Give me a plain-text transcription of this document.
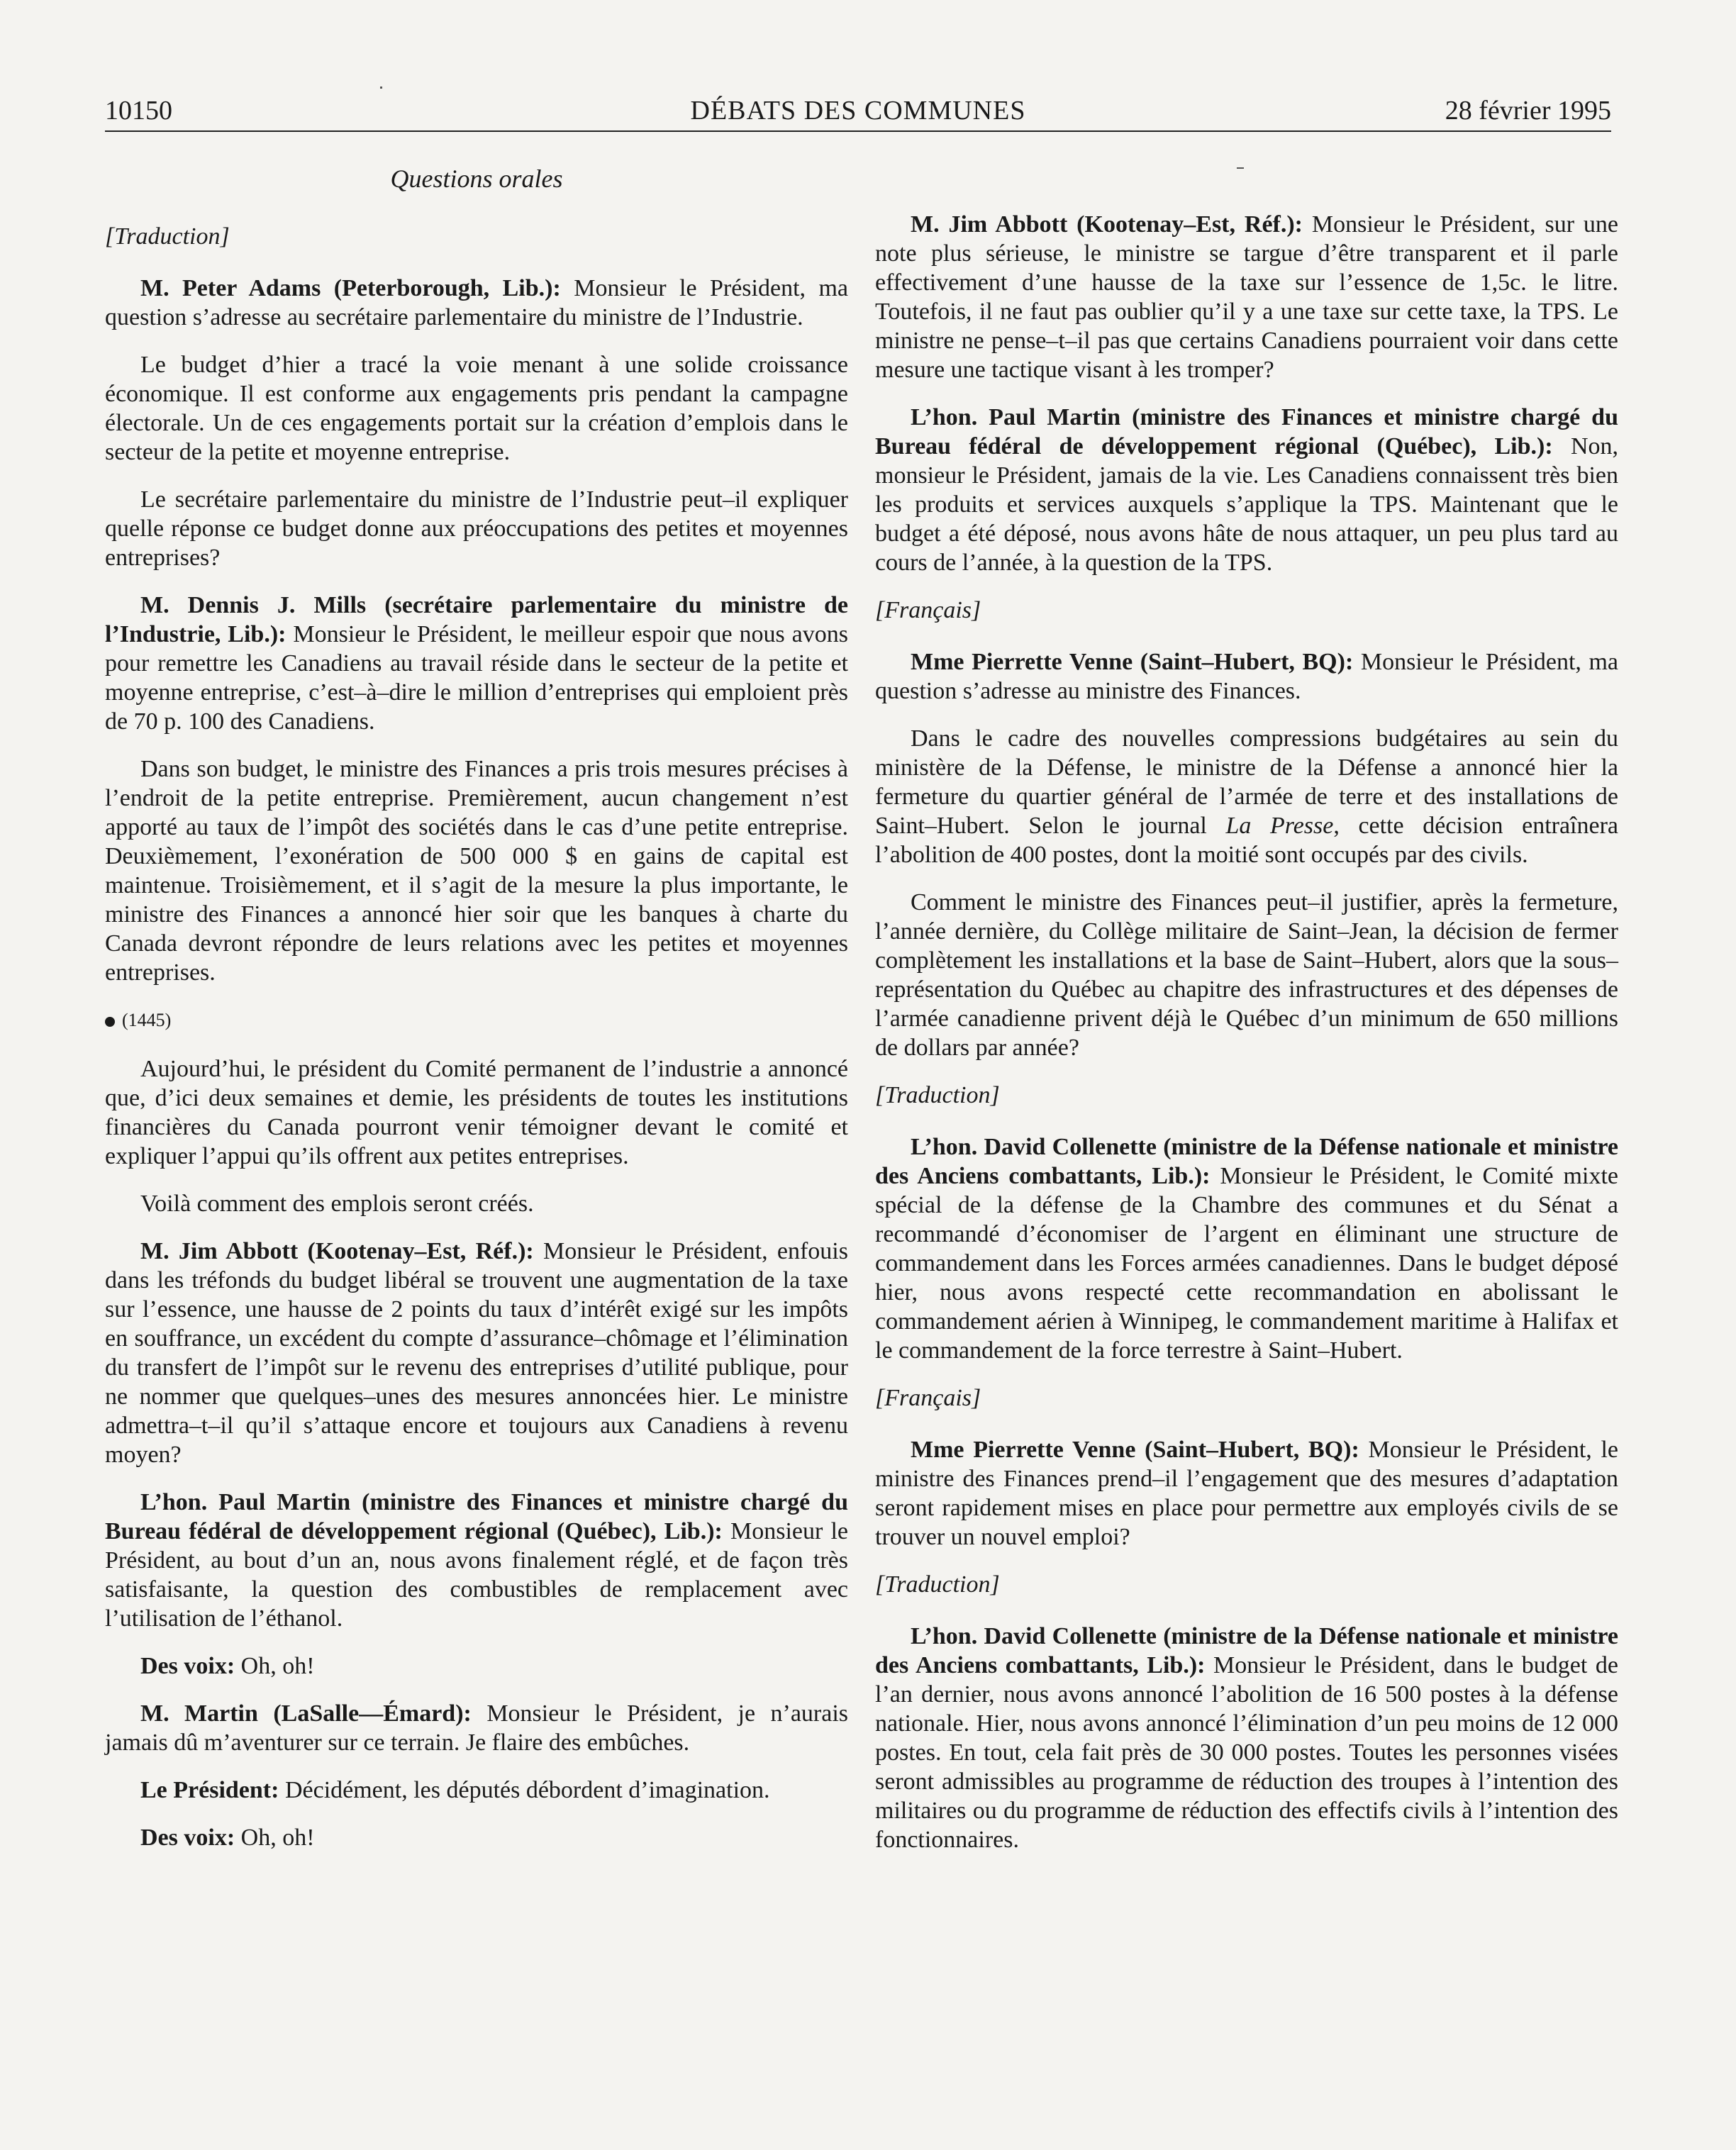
10150	DÉBATS DES COMMUNES	28 février 1995

Questions orales

[Traduction]

M. Peter Adams (Peterborough, Lib.): Monsieur le Président, ma question s’adresse au secrétaire parlementaire du ministre de l’Industrie.

Le budget d’hier a tracé la voie menant à une solide croissance économique. Il est conforme aux engagements pris pendant la campagne électorale. Un de ces engagements portait sur la création d’emplois dans le secteur de la petite et moyenne entreprise.

Le secrétaire parlementaire du ministre de l’Industrie peut–il expliquer quelle réponse ce budget donne aux préoccupations des petites et moyennes entreprises?

M. Dennis J. Mills (secrétaire parlementaire du ministre de l’Industrie, Lib.): Monsieur le Président, le meilleur espoir que nous avons pour remettre les Canadiens au travail réside dans le secteur de la petite et moyenne entreprise, c’est–à–dire le million d’entreprises qui emploient près de 70 p. 100 des Canadiens.

Dans son budget, le ministre des Finances a pris trois mesures précises à l’endroit de la petite entreprise. Premièrement, aucun changement n’est apporté au taux de l’impôt des sociétés dans le cas d’une petite entreprise. Deuxièmement, l’exonération de 500 000 $ en gains de capital est maintenue. Troisièmement, et il s’agit de la mesure la plus importante, le ministre des Finances a annoncé hier soir que les banques à charte du Canada devront répondre de leurs relations avec les petites et moyennes entreprises.

(1445)

Aujourd’hui, le président du Comité permanent de l’industrie a annoncé que, d’ici deux semaines et demie, les présidents de toutes les institutions financières du Canada pourront venir témoigner devant le comité et expliquer l’appui qu’ils offrent aux petites entreprises.

Voilà comment des emplois seront créés.

M. Jim Abbott (Kootenay–Est, Réf.): Monsieur le Président, enfouis dans les tréfonds du budget libéral se trouvent une augmentation de la taxe sur l’essence, une hausse de 2 points du taux d’intérêt exigé sur les impôts en souffrance, un excédent du compte d’assurance–chômage et l’élimination du transfert de l’impôt sur le revenu des entreprises d’utilité publique, pour ne nommer que quelques–unes des mesures annoncées hier. Le ministre admettra–t–il qu’il s’attaque encore et toujours aux Canadiens à revenu moyen?

L’hon. Paul Martin (ministre des Finances et ministre chargé du Bureau fédéral de développement régional (Québec), Lib.): Monsieur le Président, au bout d’un an, nous avons finalement réglé, et de façon très satisfaisante, la question des combustibles de remplacement avec l’utilisation de l’éthanol.

Des voix: Oh, oh!

M. Martin (LaSalle—Émard): Monsieur le Président, je n’aurais jamais dû m’aventurer sur ce terrain. Je flaire des embûches.

Le Président: Décidément, les députés débordent d’imagination.

Des voix: Oh, oh!

M. Jim Abbott (Kootenay–Est, Réf.): Monsieur le Président, sur une note plus sérieuse, le ministre se targue d’être transparent et il parle effectivement d’une hausse de la taxe sur l’essence de 1,5c. le litre. Toutefois, il ne faut pas oublier qu’il y a une taxe sur cette taxe, la TPS. Le ministre ne pense–t–il pas que certains Canadiens pourraient voir dans cette mesure une tactique visant à les tromper?

L’hon. Paul Martin (ministre des Finances et ministre chargé du Bureau fédéral de développement régional (Québec), Lib.): Non, monsieur le Président, jamais de la vie. Les Canadiens connaissent très bien les produits et services auxquels s’applique la TPS. Maintenant que le budget a été déposé, nous avons hâte de nous attaquer, un peu plus tard au cours de l’année, à la question de la TPS.

[Français]

Mme Pierrette Venne (Saint–Hubert, BQ): Monsieur le Président, ma question s’adresse au ministre des Finances.

Dans le cadre des nouvelles compressions budgétaires au sein du ministère de la Défense, le ministre de la Défense a annoncé hier la fermeture du quartier général de l’armée de terre et des installations de Saint–Hubert. Selon le journal La Presse, cette décision entraînera l’abolition de 400 postes, dont la moitié sont occupés par des civils.

Comment le ministre des Finances peut–il justifier, après la fermeture, l’année dernière, du Collège militaire de Saint–Jean, la décision de fermer complètement les installations et la base de Saint–Hubert, alors que la sous–représentation du Québec au chapitre des infrastructures et des dépenses de l’armée canadienne privent déjà le Québec d’un minimum de 650 millions de dollars par année?

[Traduction]

L’hon. David Collenette (ministre de la Défense nationale et ministre des Anciens combattants, Lib.): Monsieur le Président, le Comité mixte spécial de la défense de la Chambre des communes et du Sénat a recommandé d’économiser de l’argent en éliminant une structure de commandement dans les Forces armées canadiennes. Dans le budget déposé hier, nous avons respecté cette recommandation en abolissant le commandement aérien à Winnipeg, le commandement maritime à Halifax et le commandement de la force terrestre à Saint–Hubert.

[Français]

Mme Pierrette Venne (Saint–Hubert, BQ): Monsieur le Président, le ministre des Finances prend–il l’engagement que des mesures d’adaptation seront rapidement mises en place pour permettre aux employés civils de se trouver un nouvel emploi?

[Traduction]

L’hon. David Collenette (ministre de la Défense nationale et ministre des Anciens combattants, Lib.): Monsieur le Président, dans le budget de l’an dernier, nous avons annoncé l’abolition de 16 500 postes à la défense nationale. Hier, nous avons annoncé l’élimination d’un peu moins de 12 000 postes. En tout, cela fait près de 30 000 postes. Toutes les personnes visées seront admissibles au programme de réduction des troupes à l’intention des militaires ou du programme de réduction des effectifs civils à l’intention des fonctionnaires.
